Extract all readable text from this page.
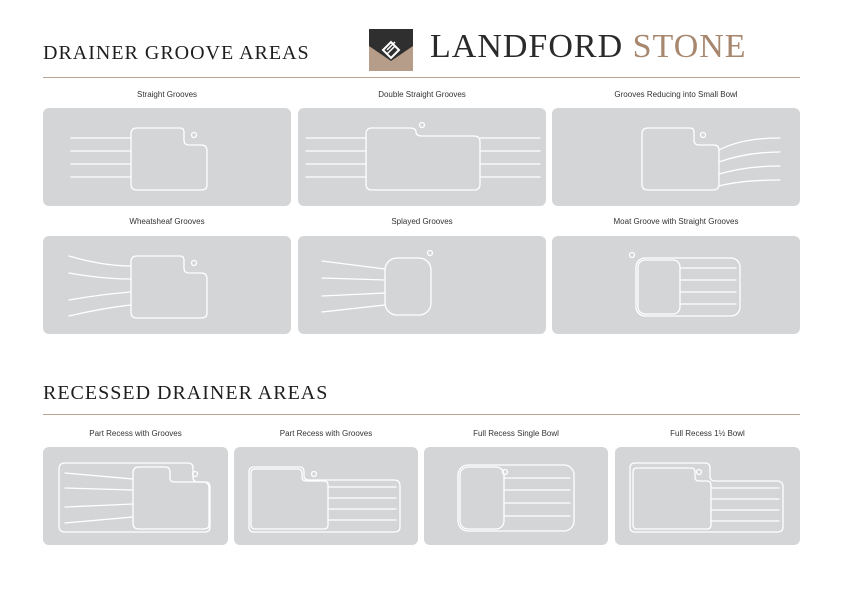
DRAINER GROOVE AREAS	LANDFORD STONE
Straight Grooves	Double Straight Grooves	Grooves Reducing into Small Bowl
Wheatsheaf Grooves	Splayed Grooves	Moat Groove with Straight Grooves
RECESSED DRAINER AREAS
Part Recess with Grooves	Part Recess with Grooves	Full Recess Single Bowl	Full Recess 1½ Bowl
